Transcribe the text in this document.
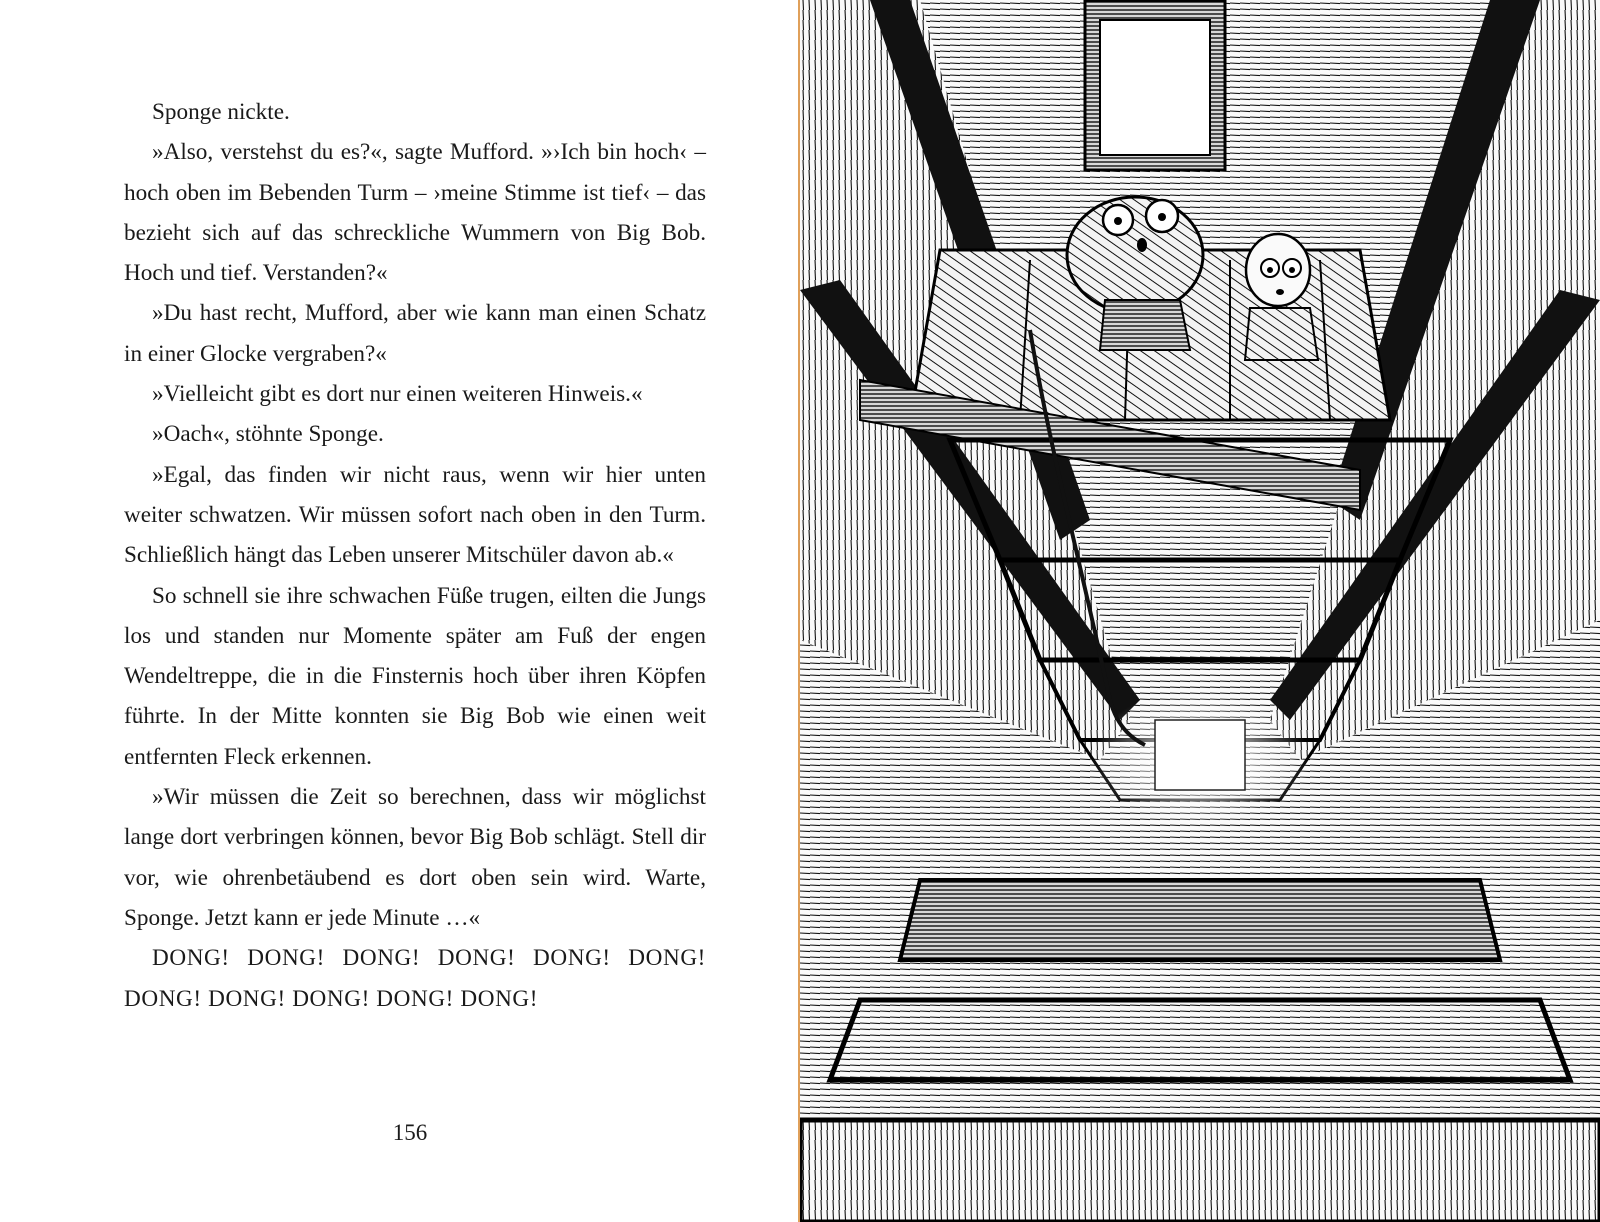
Sponge nickte.

»Also, verstehst du es?«, sagte Mufford. »›Ich bin hoch‹ – hoch oben im Bebenden Turm – ›meine Stimme ist tief‹ – das bezieht sich auf das schreckliche Wummern von Big Bob. Hoch und tief. Verstanden?«

»Du hast recht, Mufford, aber wie kann man einen Schatz in einer Glocke vergraben?«

»Vielleicht gibt es dort nur einen weiteren Hinweis.«

»Oach«, stöhnte Sponge.

»Egal, das finden wir nicht raus, wenn wir hier unten weiter schwatzen. Wir müssen sofort nach oben in den Turm. Schließlich hängt das Leben unserer Mitschüler davon ab.«

So schnell sie ihre schwachen Füße trugen, eilten die Jungs los und standen nur Momente später am Fuß der engen Wendeltreppe, die in die Finsternis hoch über ihren Köpfen führte. In der Mitte konnten sie Big Bob wie einen weit entfernten Fleck erkennen.

»Wir müssen die Zeit so berechnen, dass wir möglichst lange dort verbringen können, bevor Big Bob schlägt. Stell dir vor, wie ohrenbetäubend es dort oben sein wird. Warte, Sponge. Jetzt kann er jede Minute …«

DONG! DONG! DONG! DONG! DONG! DONG! DONG! DONG! DONG! DONG! DONG!

156
